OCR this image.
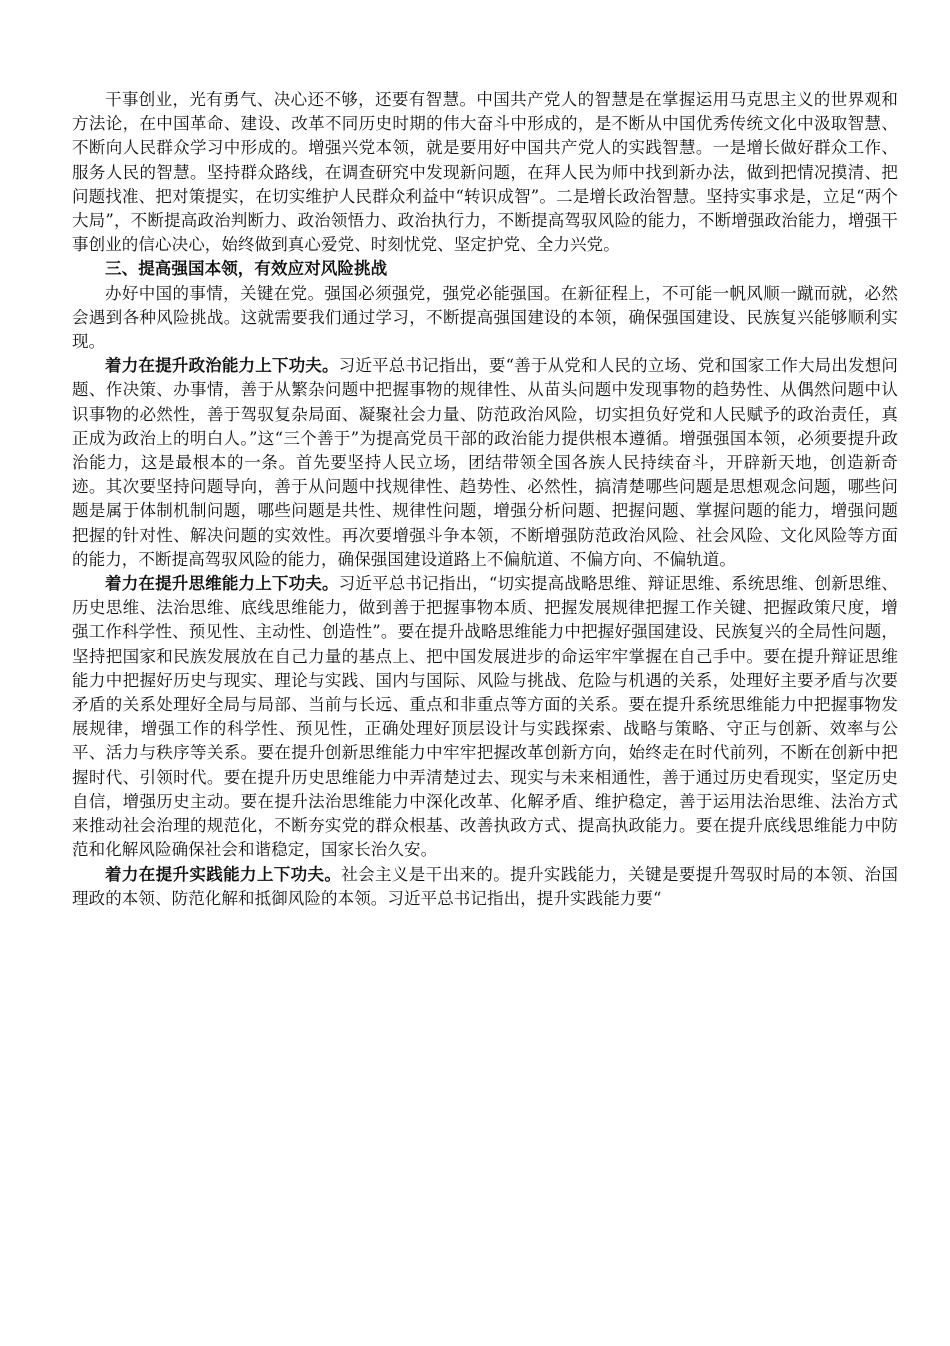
干事创业，光有勇气、决心还不够，还要有智慧。中国共产党人的智慧是在掌握运用马克思主义的世界观和方法论，在中国革命、建设、改革不同历史时期的伟大奋斗中形成的，是不断从中国优秀传统文化中汲取智慧、不断向人民群众学习中形成的。增强兴党本领，就是要用好中国共产党人的实践智慧。一是增长做好群众工作、服务人民的智慧。坚持群众路线，在调查研究中发现新问题，在拜人民为师中找到新办法，做到把情况摸清、把问题找准、把对策提实，在切实维护人民群众利益中“转识成智”。二是增长政治智慧。坚持实事求是，立足“两个大局”，不断提高政治判断力、政治领悟力、政治执行力，不断提高驾驭风险的能力，不断增强政治能力，增强干事创业的信心决心，始终做到真心爱党、时刻忧党、坚定护党、全力兴党。

三、提高强国本领，有效应对风险挑战

办好中国的事情，关键在党。强国必须强党，强党必能强国。在新征程上，不可能一帆风顺一蹴而就，必然会遇到各种风险挑战。这就需要我们通过学习，不断提高强国建设的本领，确保强国建设、民族复兴能够顺利实现。

着力在提升政治能力上下功夫。习近平总书记指出，要“善于从党和人民的立场、党和国家工作大局出发想问题、作决策、办事情，善于从繁杂问题中把握事物的规律性、从苗头问题中发现事物的趋势性、从偶然问题中认识事物的必然性，善于驾驭复杂局面、凝聚社会力量、防范政治风险，切实担负好党和人民赋予的政治责任，真正成为政治上的明白人。”这“三个善于”为提高党员干部的政治能力提供根本遵循。增强强国本领，必须要提升政治能力，这是最根本的一条。首先要坚持人民立场，团结带领全国各族人民持续奋斗，开辟新天地，创造新奇迹。其次要坚持问题导向，善于从问题中找规律性、趋势性、必然性，搞清楚哪些问题是思想观念问题，哪些问题是属于体制机制问题，哪些问题是共性、规律性问题，增强分析问题、把握问题、掌握问题的能力，增强问题把握的针对性、解决问题的实效性。再次要增强斗争本领，不断增强防范政治风险、社会风险、文化风险等方面的能力，不断提高驾驭风险的能力，确保强国建设道路上不偏航道、不偏方向、不偏轨道。

着力在提升思维能力上下功夫。习近平总书记指出，“切实提高战略思维、辩证思维、系统思维、创新思维、历史思维、法治思维、底线思维能力，做到善于把握事物本质、把握发展规律把握工作关键、把握政策尺度，增强工作科学性、预见性、主动性、创造性”。要在提升战略思维能力中把握好强国建设、民族复兴的全局性问题，坚持把国家和民族发展放在自己力量的基点上、把中国发展进步的命运牢牢掌握在自己手中。要在提升辩证思维能力中把握好历史与现实、理论与实践、国内与国际、风险与挑战、危险与机遇的关系，处理好主要矛盾与次要矛盾的关系处理好全局与局部、当前与长远、重点和非重点等方面的关系。要在提升系统思维能力中把握事物发展规律，增强工作的科学性、预见性，正确处理好顶层设计与实践探索、战略与策略、守正与创新、效率与公平、活力与秩序等关系。要在提升创新思维能力中牢牢把握改革创新方向，始终走在时代前列，不断在创新中把握时代、引领时代。要在提升历史思维能力中弄清楚过去、现实与未来相通性，善于通过历史看现实，坚定历史自信，增强历史主动。要在提升法治思维能力中深化改革、化解矛盾、维护稳定，善于运用法治思维、法治方式来推动社会治理的规范化，不断夯实党的群众根基、改善执政方式、提高执政能力。要在提升底线思维能力中防范和化解风险确保社会和谐稳定，国家长治久安。

着力在提升实践能力上下功夫。社会主义是干出来的。提升实践能力，关键是要提升驾驭时局的本领、治国理政的本领、防范化解和抵御风险的本领。习近平总书记指出，提升实践能力要“
